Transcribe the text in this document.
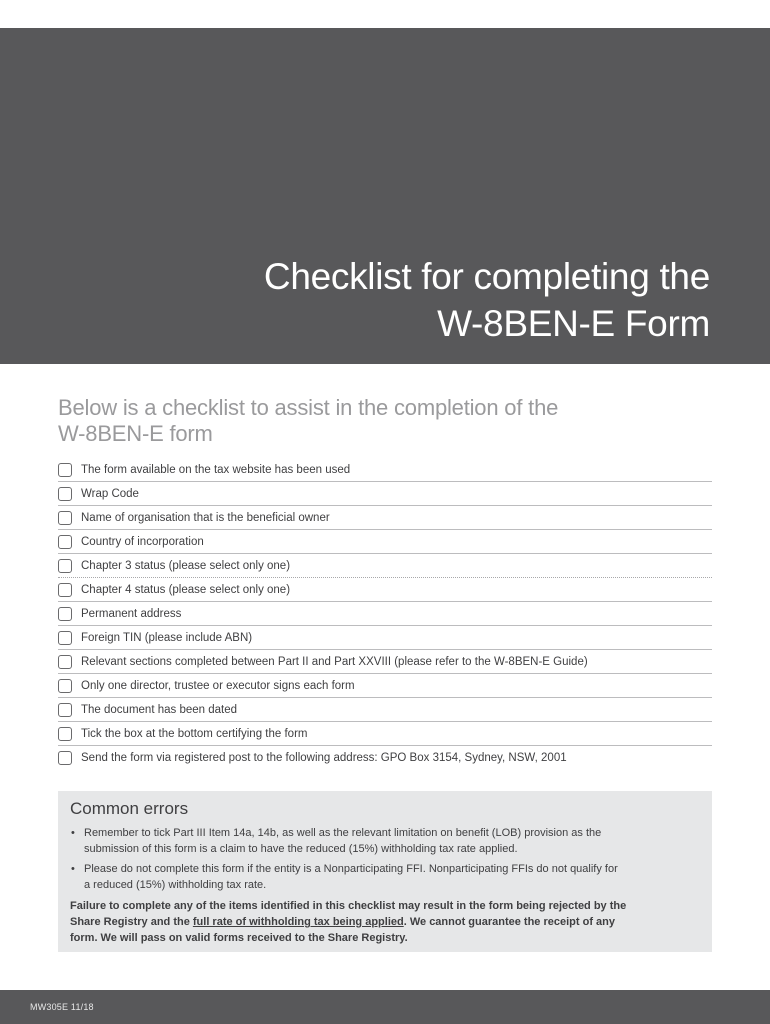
Checklist for completing the
W-8BEN-E Form
Below is a checklist to assist in the completion of the
W-8BEN-E form
The form available on the tax website has been used
Wrap Code
Name of organisation that is the beneficial owner
Country of incorporation
Chapter 3 status (please select only one)
Chapter 4 status (please select only one)
Permanent address
Foreign TIN (please include ABN)
Relevant sections completed between Part II and Part XXVIII (please refer to the W-8BEN-E Guide)
Only one director, trustee or executor signs each form
The document has been dated
Tick the box at the bottom certifying the form
Send the form via registered post to the following address: GPO Box 3154, Sydney, NSW, 2001
Common errors
• Remember to tick Part III Item 14a, 14b, as well as the relevant limitation on benefit (LOB) provision as the
submission of this form is a claim to have the reduced (15%) withholding tax rate applied.
• Please do not complete this form if the entity is a Nonparticipating FFI. Nonparticipating FFIs do not qualify for
a reduced (15%) withholding tax rate.

Failure to complete any of the items identified in this checklist may result in the form being rejected by the
Share Registry and the full rate of withholding tax being applied. We cannot guarantee the receipt of any
form. We will pass on valid forms received to the Share Registry.

MW305E 11/18
